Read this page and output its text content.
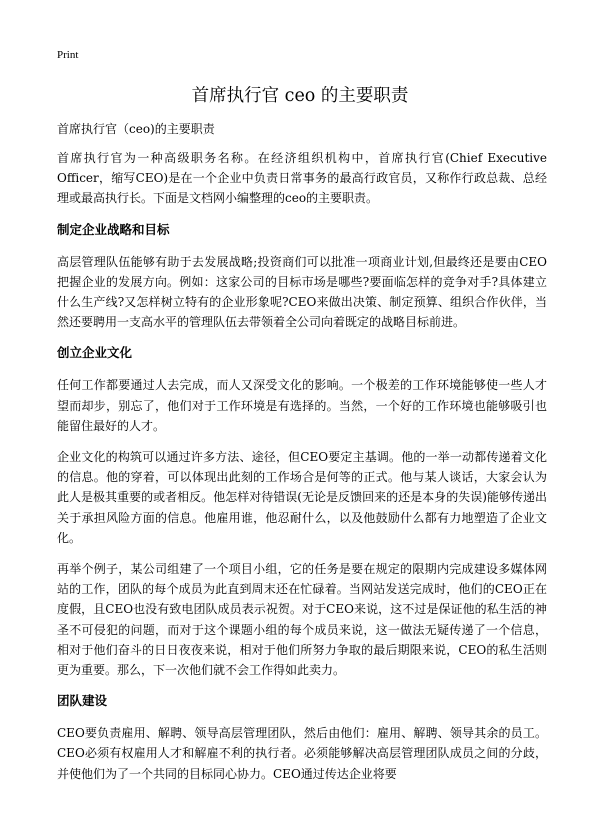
Print
首席执行官 ceo 的主要职责

首席执行官（ceo)的主要职责

首席执行官为一种高级职务名称。在经济组织机构中，首席执行官(Chief Executive Officer，缩写CEO)是在一个企业中负责日常事务的最高行政官员，又称作行政总裁、总经理或最高执行长。下面是文档网小编整理的ceo的主要职责。

制定企业战略和目标

高层管理队伍能够有助于去发展战略;投资商们可以批准一项商业计划,但最终还是要由CEO把握企业的发展方向。例如：这家公司的目标市场是哪些?要面临怎样的竞争对手?具体建立什么生产线?又怎样树立特有的企业形象呢?CEO来做出决策、制定预算、组织合作伙伴，当然还要聘用一支高水平的管理队伍去带领着全公司向着既定的战略目标前进。

创立企业文化

任何工作都要通过人去完成，而人又深受文化的影响。一个极差的工作环境能够使一些人才望而却步，别忘了，他们对于工作环境是有选择的。当然，一个好的工作环境也能够吸引也能留住最好的人才。

企业文化的构筑可以通过许多方法、途径，但CEO要定主基调。他的一举一动都传递着文化的信息。他的穿着，可以体现出此刻的工作场合是何等的正式。他与某人谈话，大家会认为此人是极其重要的或者相反。他怎样对待错误(无论是反馈回来的还是本身的失误)能够传递出关于承担风险方面的信息。他雇用谁，他忍耐什么，以及他鼓励什么都有力地塑造了企业文化。

再举个例子，某公司组建了一个项目小组，它的任务是要在规定的限期内完成建设多媒体网站的工作，团队的每个成员为此直到周末还在忙碌着。当网站发送完成时，他们的CEO正在度假，且CEO也没有致电团队成员表示祝贺。对于CEO来说，这不过是保证他的私生活的神圣不可侵犯的问题，而对于这个课题小组的每个成员来说，这一做法无疑传递了一个信息，相对于他们奋斗的日日夜夜来说，相对于他们所努力争取的最后期限来说，CEO的私生活则更为重要。那么，下一次他们就不会工作得如此卖力。

团队建设

CEO要负责雇用、解聘、领导高层管理团队，然后由他们：雇用、解聘、领导其余的员工。CEO必须有权雇用人才和解雇不利的执行者。必须能够解决高层管理团队成员之间的分歧，并使他们为了一个共同的目标同心协力。CEO通过传达企业将要
